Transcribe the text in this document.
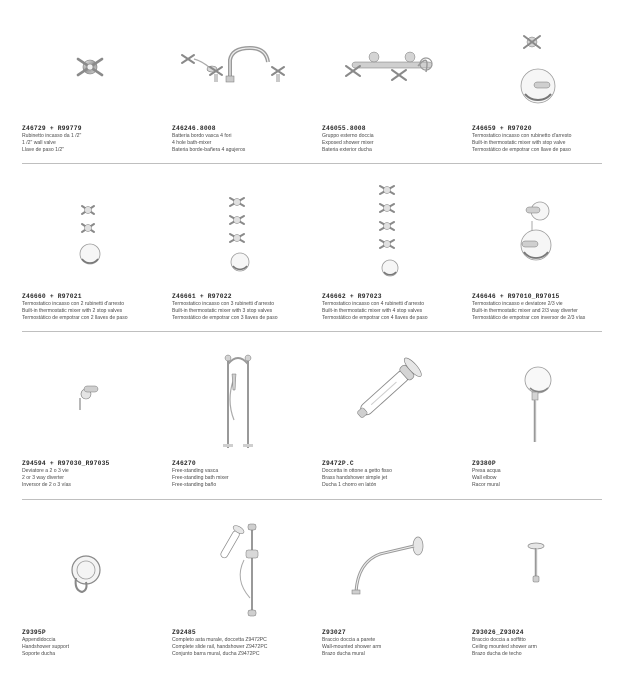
Z46729 + R99779
Rubinetto incasso da 1 /2"
1 /2" wall valve
Llave de paso 1/2"
Z46246.8008
Batteria bordo vasca 4 fori
4 hole bath-mixer
Bateria borde-bañera 4 agujeros
Z46055.8008
Gruppo esterno doccia
Exposed shower mixer
Bateria exterior ducha
Z46659 + R97020
Termostatico incasso con rubinetto d'arresto
Built-in thermostatic mixer with stop valve
Termostático de empotrar con llave de paso
Z46660 + R97021
Termostatico incasso con 2 rubinetti d'arresto
Built-in thermostatic mixer with 2 stop valves
Termostático de empotrar con 2 llaves de paso
Z46661 + R97022
Termostatico incasso con 3 rubinetti d'arresto
Built-in thermostatic mixer with 3 stop valves
Termostático de empotrar con 3 llaves de paso
Z46662 + R97023
Termostatico incasso con 4 rubinetti d'arresto
Built-in thermostatic mixer with 4 stop valves
Termostático de empotrar con 4 llaves de paso
Z46646 + R97010_R97015
Termostatico incasso e deviatore 2/3 vie
Built-in thermostatic mixer and 2/3 way diverter
Termostático de empotrar con inversor de 2/3 vías
Z94594 + R97030_R97035
Deviatore a 2 o 3 vie
2 or 3 way diverter
Inversor de 2 o 3 vías
Z46270
Free-standing vasca
Free-standing bath mixer
Free-standing baño
Z9472P.C
Doccetta in ottone a getto fisso
Brass handshower simple jet
Ducha 1 chorro en latón
Z9380P
Presa acqua
Wall elbow
Racor mural
Z9395P
Appendidoccia
Handshower support
Soporte ducha
Z92485
Completo asta murale, doccetta Z9472PC
Complete slide rail, handshower Z9472PC
Conjunto barra mural, ducha Z9472PC
Z93027
Braccio doccia a parete
Wall-mounted shower arm
Brazo ducha mural
Z93026_Z93024
Braccio doccia a soffitto
Ceiling mounted shower arm
Brazo ducha de techo
